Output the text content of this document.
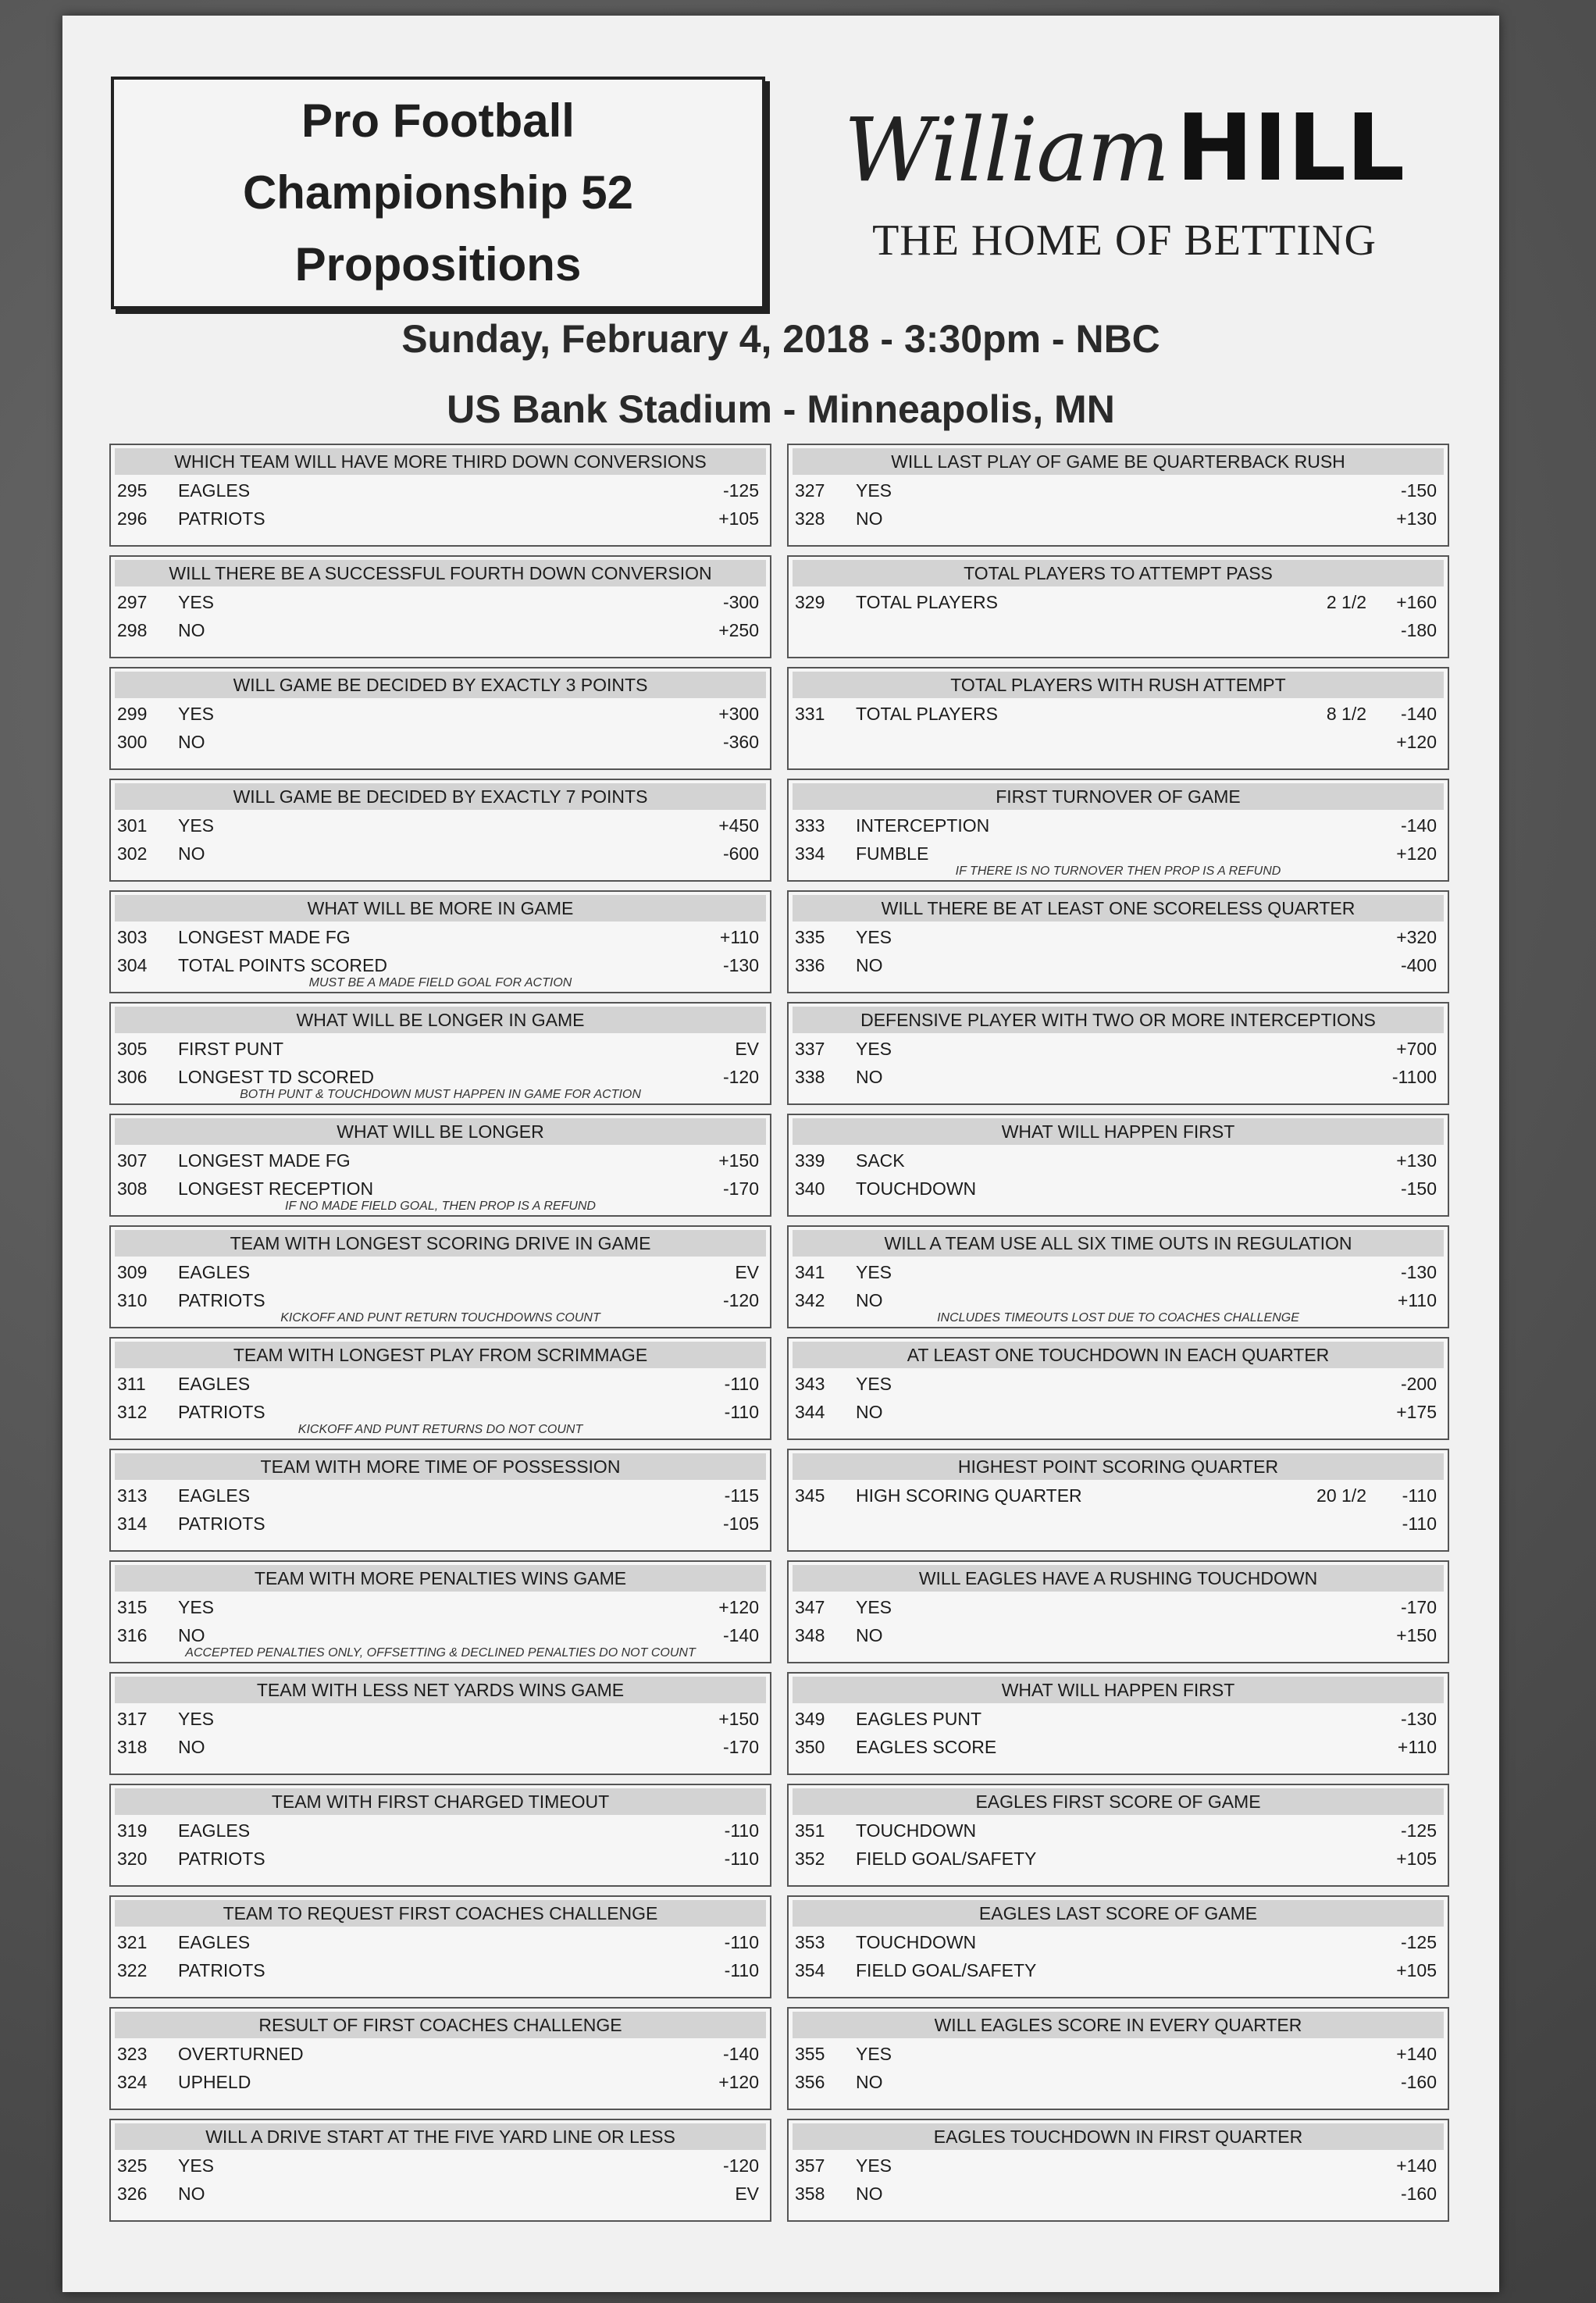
Pro Football
Championship 52
Propositions
William HILL
THE HOME OF BETTING
Sunday, February 4, 2018 - 3:30pm - NBC
US Bank Stadium - Minneapolis, MN
WHICH TEAM WILL HAVE MORE THIRD DOWN CONVERSIONS
295	EAGLES	-125
296	PATRIOTS	+105
WILL THERE BE A SUCCESSFUL FOURTH DOWN CONVERSION
297	YES	-300
298	NO	+250
WILL GAME BE DECIDED BY EXACTLY 3 POINTS
299	YES	+300
300	NO	-360
WILL GAME BE DECIDED BY EXACTLY 7 POINTS
301	YES	+450
302	NO	-600
WHAT WILL BE MORE IN GAME
303	LONGEST MADE FG	+110
304	TOTAL POINTS SCORED	-130
MUST BE A MADE FIELD GOAL FOR ACTION
WHAT WILL BE LONGER IN GAME
305	FIRST PUNT	EV
306	LONGEST TD SCORED	-120
BOTH PUNT & TOUCHDOWN MUST HAPPEN IN GAME FOR ACTION
WHAT WILL BE LONGER
307	LONGEST MADE FG	+150
308	LONGEST RECEPTION	-170
IF NO MADE FIELD GOAL, THEN PROP IS A REFUND
TEAM WITH LONGEST SCORING DRIVE IN GAME
309	EAGLES	EV
310	PATRIOTS	-120
KICKOFF AND PUNT RETURN TOUCHDOWNS COUNT
TEAM WITH LONGEST PLAY FROM SCRIMMAGE
311	EAGLES	-110
312	PATRIOTS	-110
KICKOFF AND PUNT RETURNS DO NOT COUNT
TEAM WITH MORE TIME OF POSSESSION
313	EAGLES	-115
314	PATRIOTS	-105
TEAM WITH MORE PENALTIES WINS GAME
315	YES	+120
316	NO	-140
ACCEPTED PENALTIES ONLY, OFFSETTING & DECLINED PENALTIES DO NOT COUNT
TEAM WITH LESS NET YARDS WINS GAME
317	YES	+150
318	NO	-170
TEAM WITH FIRST CHARGED TIMEOUT
319	EAGLES	-110
320	PATRIOTS	-110
TEAM TO REQUEST FIRST COACHES CHALLENGE
321	EAGLES	-110
322	PATRIOTS	-110
RESULT OF FIRST COACHES CHALLENGE
323	OVERTURNED	-140
324	UPHELD	+120
WILL A DRIVE START AT THE FIVE YARD LINE OR LESS
325	YES	-120
326	NO	EV
WILL LAST PLAY OF GAME BE QUARTERBACK RUSH
327	YES	-150
328	NO	+130
TOTAL PLAYERS TO ATTEMPT PASS
329	TOTAL PLAYERS	2 1/2 +160
-180
TOTAL PLAYERS WITH RUSH ATTEMPT
331	TOTAL PLAYERS	8 1/2 -140
+120
FIRST TURNOVER OF GAME
333	INTERCEPTION	-140
334	FUMBLE	+120
IF THERE IS NO TURNOVER THEN PROP IS A REFUND
WILL THERE BE AT LEAST ONE SCORELESS QUARTER
335	YES	+320
336	NO	-400
DEFENSIVE PLAYER WITH TWO OR MORE INTERCEPTIONS
337	YES	+700
338	NO	-1100
WHAT WILL HAPPEN FIRST
339	SACK	+130
340	TOUCHDOWN	-150
WILL A TEAM USE ALL SIX TIME OUTS IN REGULATION
341	YES	-130
342	NO	+110
INCLUDES TIMEOUTS LOST DUE TO COACHES CHALLENGE
AT LEAST ONE TOUCHDOWN IN EACH QUARTER
343	YES	-200
344	NO	+175
HIGHEST POINT SCORING QUARTER
345	HIGH SCORING QUARTER	20 1/2 -110
-110
WILL EAGLES HAVE A RUSHING TOUCHDOWN
347	YES	-170
348	NO	+150
WHAT WILL HAPPEN FIRST
349	EAGLES PUNT	-130
350	EAGLES SCORE	+110
EAGLES FIRST SCORE OF GAME
351	TOUCHDOWN	-125
352	FIELD GOAL/SAFETY	+105
EAGLES LAST SCORE OF GAME
353	TOUCHDOWN	-125
354	FIELD GOAL/SAFETY	+105
WILL EAGLES SCORE IN EVERY QUARTER
355	YES	+140
356	NO	-160
EAGLES TOUCHDOWN IN FIRST QUARTER
357	YES	+140
358	NO	-160
